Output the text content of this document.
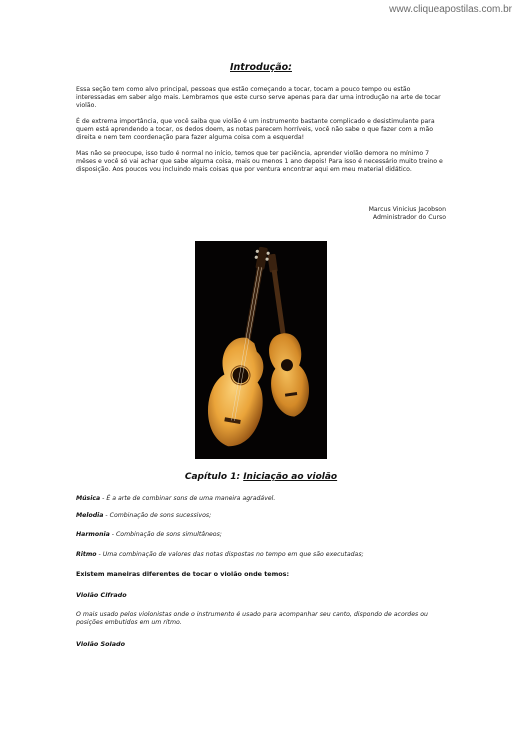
www.cliqueapostilas.com.br
Introdução:

Essa seção tem como alvo principal, pessoas que estão começando a tocar, tocam a pouco tempo ou estão interessadas em saber algo mais. Lembramos que este curso serve apenas para dar uma introdução na arte de tocar violão.

É de extrema importância, que você saiba que violão é um instrumento bastante complicado e desistimulante para quem está aprendendo a tocar, os dedos doem, as notas parecem horríveis, você não sabe o que fazer com a mão direita e nem tem coordenação para fazer alguma coisa com a esquerda!

Mas não se preocupe, isso tudo é normal no início, temos que ter paciência, aprender violão demora no mínimo 7 mêses e você só vai achar que sabe alguma coisa, mais ou menos 1 ano depois! Para isso é necessário muito treino e disposição. Aos poucos vou incluindo mais coisas que por ventura encontrar aqui em meu material didático.

Marcus Vinicius Jacobson
Administrador do Curso
Capítulo 1: Iniciação ao violão

Música - É a arte de combinar sons de uma maneira agradável.

Melodia - Combinação de sons sucessivos;

Harmonia - Combinação de sons simultâneos;

Ritmo - Uma combinação de valores das notas dispostas no tempo em que são executadas;

Existem maneiras diferentes de tocar o violão onde temos:

Violão Cifrado

O mais usado pelos violonistas onde o instrumento é usado para acompanhar seu canto, dispondo de acordes ou posições embutidos em um ritmo.

Violão Solado
